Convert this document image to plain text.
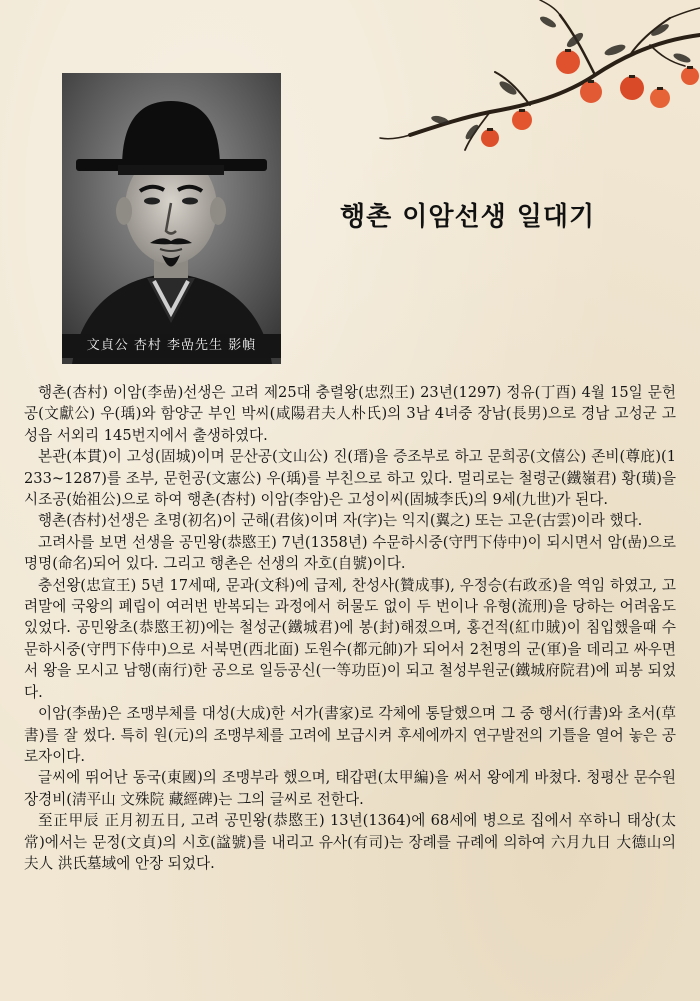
文貞公 杏村 李嵒先生 影幀
행촌 이암선생 일대기

행촌(杏村) 이암(李嵒)선생은 고려 제25대 충렬왕(忠烈王) 23년(1297) 정유(丁酉) 4월 15일 문헌공(文獻公) 우(瑀)와 함양군 부인 박씨(咸陽君夫人朴氏)의 3남 4녀중 장남(長男)으로 경남 고성군 고성읍 서외리 145번지에서 출생하였다.

본관(本貫)이 고성(固城)이며 문산공(文山公) 진(瑨)을 증조부로 하고 문희공(文僖公) 존비(尊庇)(1233~1287)를 조부, 문헌공(文憲公) 우(瑀)를 부친으로 하고 있다. 멀리로는 철령군(鐵嶺君) 황(璜)을 시조공(始祖公)으로 하여 행촌(杏村) 이암(李암)은 고성이씨(固城李氏)의 9세(九世)가 된다.

행촌(杏村)선생은 초명(初名)이 군해(君侅)이며 자(字)는 익지(翼之) 또는 고운(古雲)이라 했다.

고려사를 보면 선생을 공민왕(恭愍王) 7년(1358년) 수문하시중(守門下侍中)이 되시면서 암(嵒)으로 명명(命名)되어 있다. 그리고 행촌은 선생의 자호(自號)이다.

충선왕(忠宣王) 5년 17세때, 문과(文科)에 급제, 찬성사(贊成事), 우정승(右政丞)을 역임 하였고, 고려말에 국왕의 폐립이 여러번 반복되는 과정에서 허물도 없이 두 번이나 유형(流刑)을 당하는 어려움도 있었다. 공민왕초(恭愍王初)에는 철성군(鐵城君)에 봉(封)해졌으며, 홍건적(紅巾賊)이 침입했을때 수문하시중(守門下侍中)으로 서북면(西北面) 도원수(都元帥)가 되어서 2천명의 군(軍)을 데리고 싸우면서 왕을 모시고 남행(南行)한 공으로 일등공신(一等功臣)이 되고 철성부원군(鐵城府院君)에 피봉 되었다.

이암(李嵒)은 조맹부체를 대성(大成)한 서가(書家)로 각체에 통달했으며 그 중 행서(行書)와 초서(草書)를 잘 썼다. 특히 원(元)의 조맹부체를 고려에 보급시켜 후세에까지 연구발전의 기틀을 열어 놓은 공로자이다.

글씨에 뛰어난 동국(東國)의 조맹부라 했으며, 태갑편(太甲編)을 써서 왕에게 바쳤다. 청평산 문수원장경비(淸平山 文殊院 藏經碑)는 그의 글씨로 전한다.

至正甲辰 正月初五日, 고려 공민왕(恭愍王) 13년(1364)에 68세에 병으로 집에서 卒하니 태상(太常)에서는 문정(文貞)의 시호(諡號)를 내리고 유사(有司)는 장례를 규례에 의하여 六月九日 大德山의 夫人 洪氏墓域에 안장 되었다.
